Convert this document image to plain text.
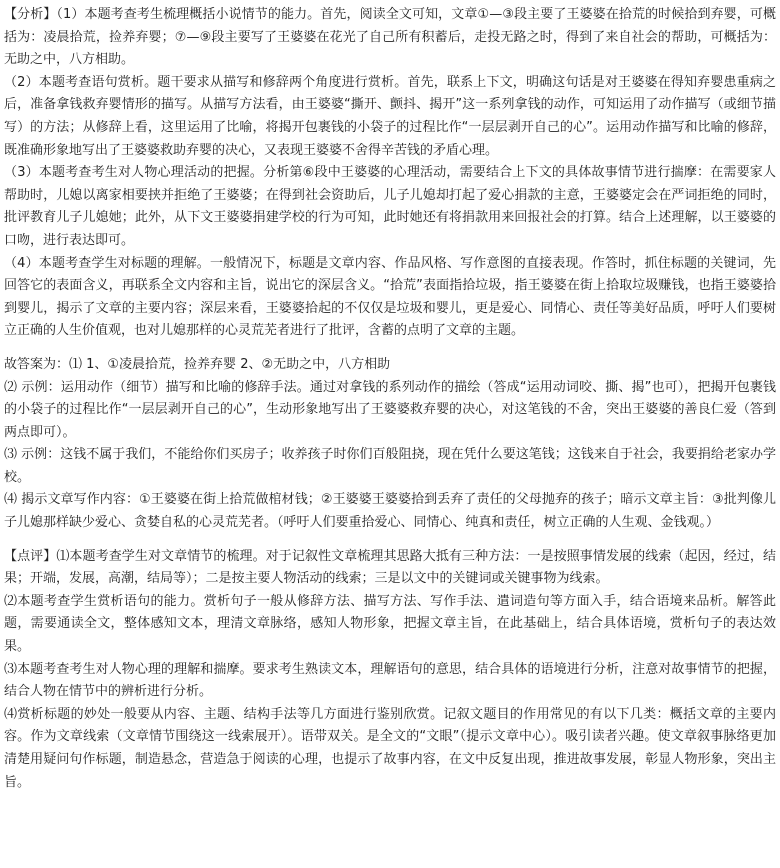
【分析】（1）本题考查考生梳理概括小说情节的能力。首先，阅读全文可知，文章①—③段主要了王婆婆在拾荒的时候拾到弃婴，可概括为：凌晨拾荒，捡养弃婴；⑦—⑨段主要写了王婆婆在花光了自己所有积蓄后，走投无路之时，得到了来自社会的帮助，可概括为：无助之中，八方相助。

（2）本题考查语句赏析。题干要求从描写和修辞两个角度进行赏析。首先，联系上下文，明确这句话是对王婆婆在得知弃婴患重病之后，准备拿钱救弃婴情形的描写。从描写方法看，由王婆婆“撕开、颤抖、揭开”这一系列拿钱的动作，可知运用了动作描写（或细节描写）的方法；从修辞上看，这里运用了比喻，将揭开包裹钱的小袋子的过程比作“一层层剥开自己的心”。运用动作描写和比喻的修辞，既准确形象地写出了王婆婆救助弃婴的决心，又表现王婆婆不舍得辛苦钱的矛盾心理。

（3）本题考查考生对人物心理活动的把握。分析第⑥段中王婆婆的心理活动，需要结合上下文的具体故事情节进行揣摩：在需要家人帮助时，儿媳以离家相要挟并拒绝了王婆婆；在得到社会资助后，儿子儿媳却打起了爱心捐款的主意，王婆婆定会在严词拒绝的同时，批评教育儿子儿媳她；此外，从下文王婆婆捐建学校的行为可知，此时她还有将捐款用来回报社会的打算。结合上述理解，以王婆婆的口吻，进行表达即可。

（4）本题考查学生对标题的理解。一般情况下，标题是文章内容、作品风格、写作意图的直接表现。作答时，抓住标题的关键词，先回答它的表面含义，再联系全文内容和主旨，说出它的深层含义。“拾荒”表面指拾垃圾，指王婆婆在街上拾取垃圾赚钱，也指王婆婆拾到婴儿，揭示了文章的主要内容；深层来看，王婆婆拾起的不仅仅是垃圾和婴儿，更是爱心、同情心、责任等美好品质，呼吁人们要树立正确的人生价值观，也对儿媳那样的心灵荒芜者进行了批评，含蓄的点明了文章的主题。

故答案为：⑴ 1、①凌晨拾荒，捡养弃婴 2、②无助之中，八方相助

⑵ 示例：运用动作（细节）描写和比喻的修辞手法。通过对拿钱的系列动作的描绘（答成“运用动词咬、撕、揭”也可），把揭开包裹钱的小袋子的过程比作“一层层剥开自己的心”，生动形象地写出了王婆婆救弃婴的决心，对这笔钱的不舍，突出王婆婆的善良仁爱（答到两点即可）。

⑶ 示例：这钱不属于我们，不能给你们买房子；收养孩子时你们百般阻挠，现在凭什么要这笔钱；这钱来自于社会，我要捐给老家办学校。

⑷ 揭示文章写作内容：①王婆婆在街上拾荒做棺材钱；②王婆婆王婆婆拾到丢弃了责任的父母抛弃的孩子；暗示文章主旨：③批判像儿子儿媳那样缺少爱心、贪婪自私的心灵荒芜者。（呼吁人们要重拾爱心、同情心、纯真和责任，树立正确的人生观、金钱观。）

【点评】⑴本题考查学生对文章情节的梳理。对于记叙性文章梳理其思路大抵有三种方法：一是按照事情发展的线索（起因，经过，结果；开端，发展，高潮，结局等）；二是按主要人物活动的线索；三是以文中的关键词或关键事物为线索。

⑵本题考查学生赏析语句的能力。赏析句子一般从修辞方法、描写方法、写作手法、遣词造句等方面入手，结合语境来品析。解答此题，需要通读全文，整体感知文本，理清文章脉络，感知人物形象，把握文章主旨，在此基础上，结合具体语境，赏析句子的表达效果。

⑶本题考查考生对人物心理的理解和揣摩。要求考生熟读文本，理解语句的意思，结合具体的语境进行分析，注意对故事情节的把握，结合人物在情节中的辨析进行分析。

⑷赏析标题的妙处一般要从内容、主题、结构手法等几方面进行鉴别欣赏。记叙文题目的作用常见的有以下几类：概括文章的主要内容。作为文章线索（文章情节围绕这一线索展开）。语带双关。是全文的“文眼”（提示文章中心）。吸引读者兴趣。使文章叙事脉络更加清楚用疑问句作标题，制造悬念，营造急于阅读的心理，也提示了故事内容，在文中反复出现，推进故事发展，彰显人物形象，突出主旨。
